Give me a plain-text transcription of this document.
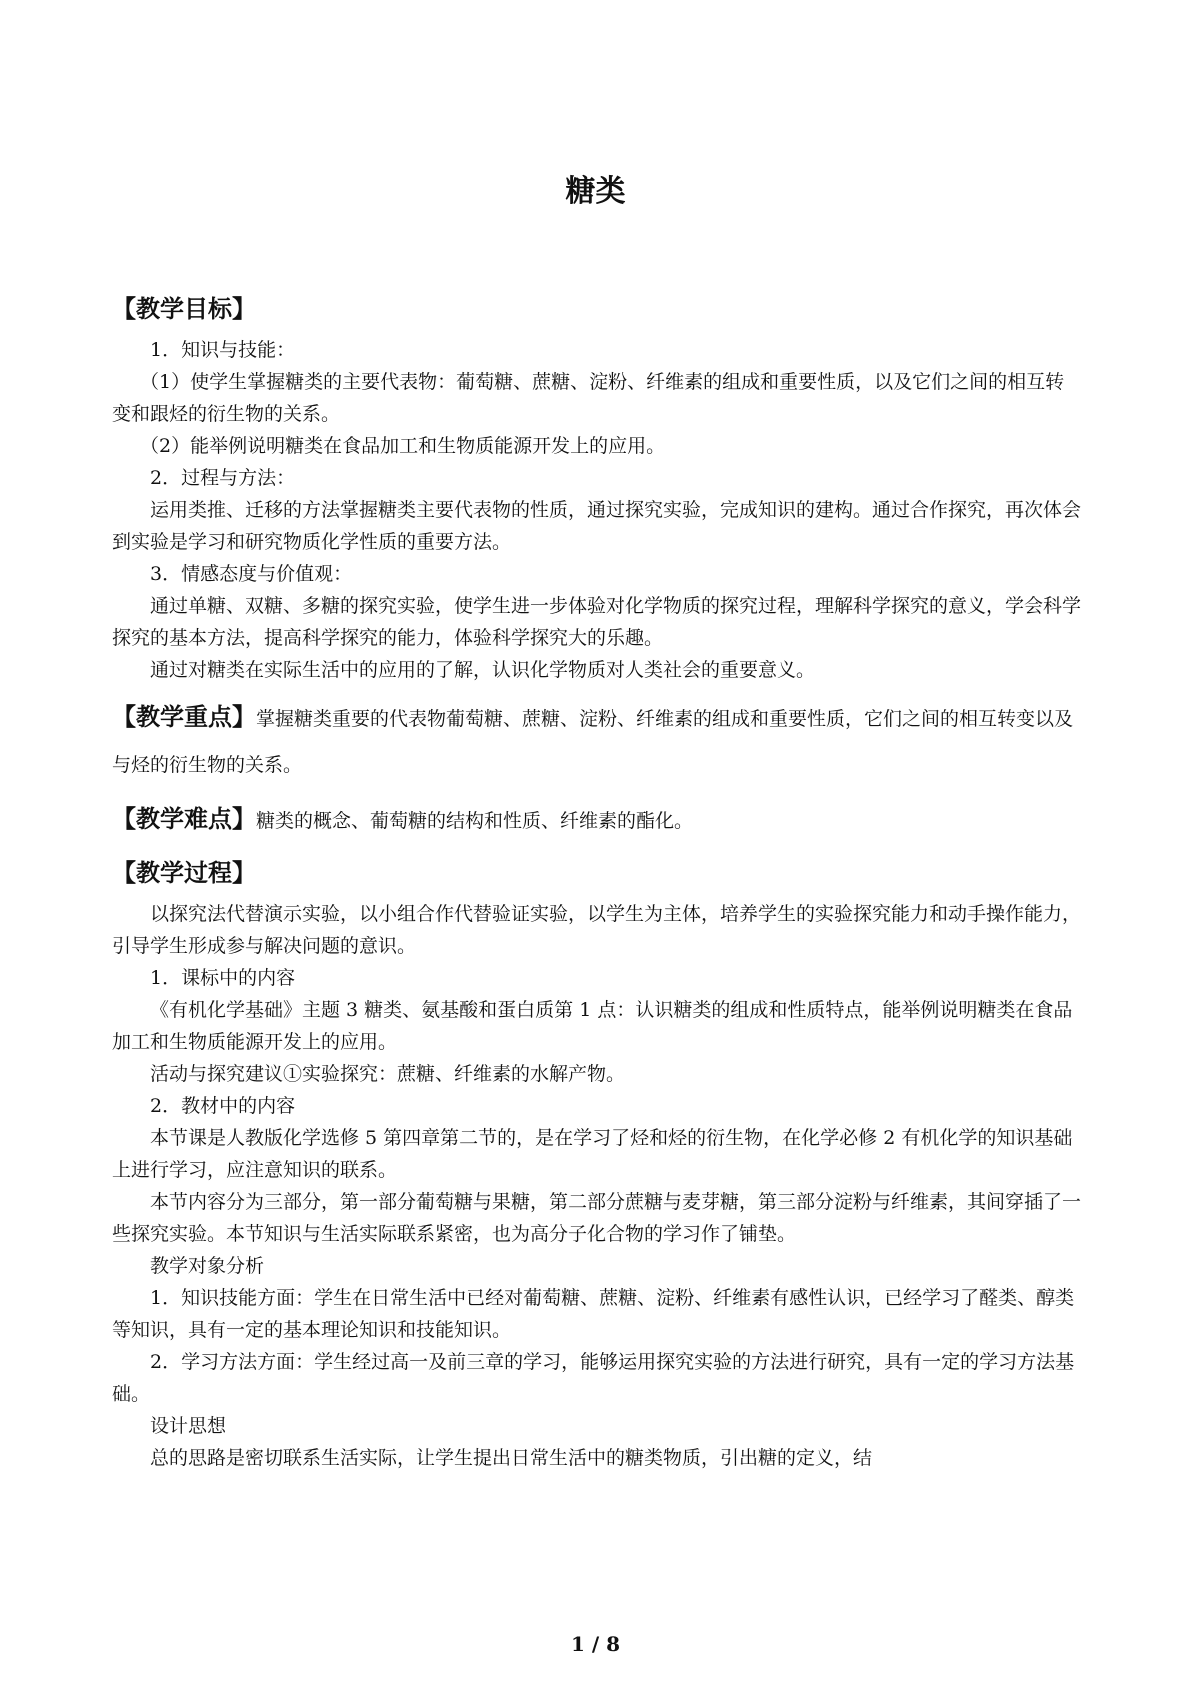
糖类
【教学目标】

1．知识与技能：

（1）使学生掌握糖类的主要代表物：葡萄糖、蔗糖、淀粉、纤维素的组成和重要性质，以及它们之间的相互转变和跟烃的衍生物的关系。

（2）能举例说明糖类在食品加工和生物质能源开发上的应用。

2．过程与方法：

运用类推、迁移的方法掌握糖类主要代表物的性质，通过探究实验，完成知识的建构。通过合作探究，再次体会到实验是学习和研究物质化学性质的重要方法。

3．情感态度与价值观：

通过单糖、双糖、多糖的探究实验，使学生进一步体验对化学物质的探究过程，理解科学探究的意义，学会科学探究的基本方法，提高科学探究的能力，体验科学探究大的乐趣。

通过对糖类在实际生活中的应用的了解，认识化学物质对人类社会的重要意义。

【教学重点】掌握糖类重要的代表物葡萄糖、蔗糖、淀粉、纤维素的组成和重要性质，它们之间的相互转变以及与烃的衍生物的关系。

【教学难点】糖类的概念、葡萄糖的结构和性质、纤维素的酯化。

【教学过程】

以探究法代替演示实验，以小组合作代替验证实验，以学生为主体，培养学生的实验探究能力和动手操作能力，引导学生形成参与解决问题的意识。

1．课标中的内容

《有机化学基础》主题 3 糖类、氨基酸和蛋白质第 1 点：认识糖类的组成和性质特点，能举例说明糖类在食品加工和生物质能源开发上的应用。

活动与探究建议①实验探究：蔗糖、纤维素的水解产物。

2．教材中的内容

本节课是人教版化学选修 5 第四章第二节的，是在学习了烃和烃的衍生物，在化学必修 2 有机化学的知识基础上进行学习，应注意知识的联系。

本节内容分为三部分，第一部分葡萄糖与果糖，第二部分蔗糖与麦芽糖，第三部分淀粉与纤维素，其间穿插了一些探究实验。本节知识与生活实际联系紧密，也为高分子化合物的学习作了铺垫。

教学对象分析

1．知识技能方面：学生在日常生活中已经对葡萄糖、蔗糖、淀粉、纤维素有感性认识，已经学习了醛类、醇类等知识，具有一定的基本理论知识和技能知识。

2．学习方法方面：学生经过高一及前三章的学习，能够运用探究实验的方法进行研究，具有一定的学习方法基础。

设计思想

总的思路是密切联系生活实际，让学生提出日常生活中的糖类物质，引出糖的定义，结

1 / 8
